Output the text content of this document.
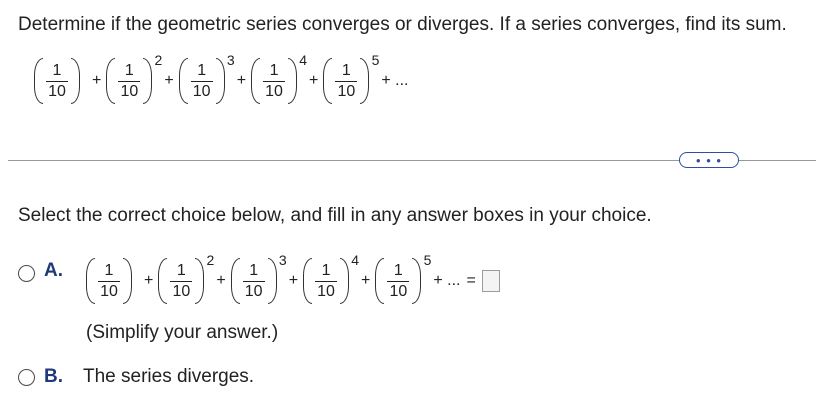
Determine if the geometric series converges or diverges. If a series converges, find its sum.
$\frac{1}{10} + \frac{1}{10}$
2
+ $\frac{1}{10}$
3
+ $\frac{1}{10}$
4
+ $\frac{1}{10}$
5
+ ...
• • •
Select the correct choice below, and fill in any answer boxes in your choice.
A. $\frac{1}{10} + \frac{1}{10}$
2
+ $\frac{1}{10}$
3
+ $\frac{1}{10}$
4
+ $\frac{1}{10}$
5
+ ... =
(Simplify your answer.)
B. The series diverges.
